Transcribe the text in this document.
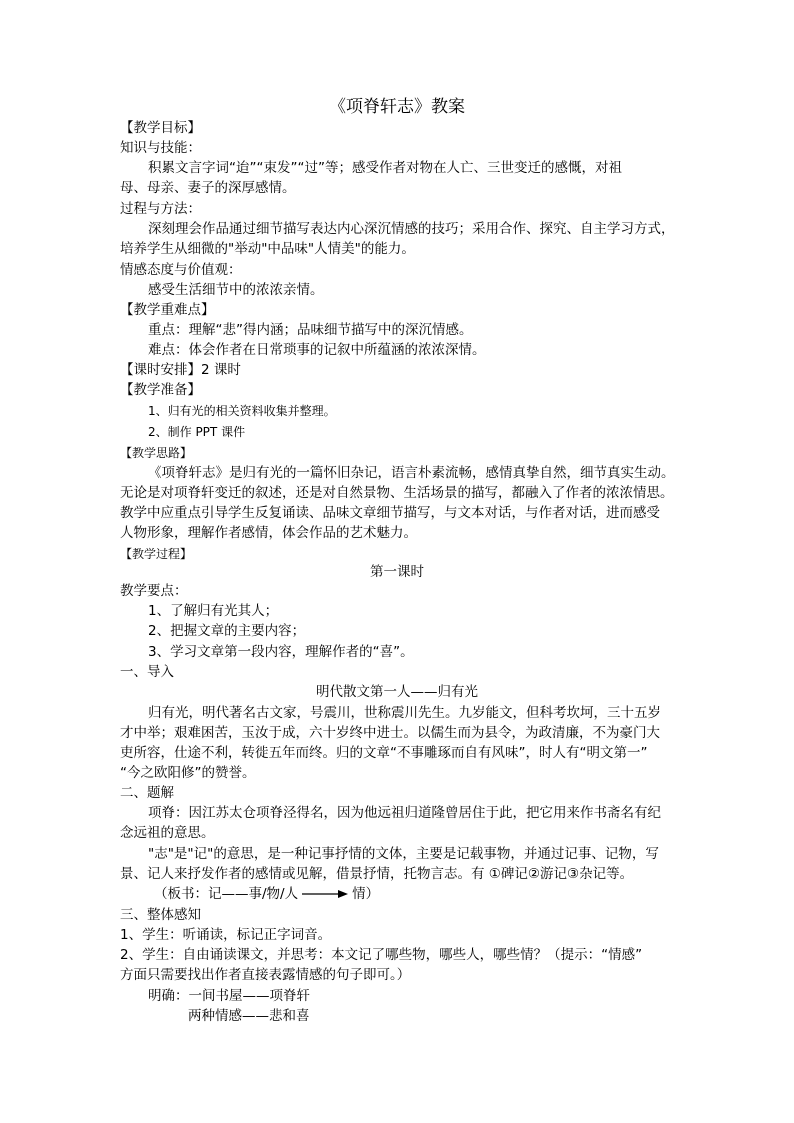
《项脊轩志》教案
【教学目标】
知识与技能：
积累文言字词“迨”“束发”“过”等；感受作者对物在人亡、三世变迁的感慨，对祖
母、母亲、妻子的深厚感情。
过程与方法：
深刻理会作品通过细节描写表达内心深沉情感的技巧；采用合作、探究、自主学习方式，
培养学生从细微的"举动"中品味"人情美"的能力。
情感态度与价值观：
感受生活细节中的浓浓亲情。
【教学重难点】
重点：理解“悲”得内涵；品味细节描写中的深沉情感。
难点：体会作者在日常琐事的记叙中所蕴涵的浓浓深情。
【课时安排】2 课时
【教学准备】
1、归有光的相关资料收集并整理。
2、制作 PPT 课件
【教学思路】
《项脊轩志》是归有光的一篇怀旧杂记，语言朴素流畅，感情真挚自然，细节真实生动。
无论是对项脊轩变迁的叙述，还是对自然景物、生活场景的描写，都融入了作者的浓浓情思。
教学中应重点引导学生反复诵读、品味文章细节描写，与文本对话，与作者对话，进而感受
人物形象，理解作者感情，体会作品的艺术魅力。
【教学过程】
第一课时
教学要点：
1、了解归有光其人；
2、把握文章的主要内容；
3、学习文章第一段内容，理解作者的“喜”。
一、导入
明代散文第一人——归有光
归有光，明代著名古文家，号震川，世称震川先生。九岁能文，但科考坎坷，三十五岁
才中举；艰难困苦，玉汝于成，六十岁终中进士。以儒生而为县令，为政清廉，不为豪门大
吏所容，仕途不利，转徙五年而终。归的文章“不事雕琢而自有风味”，时人有“明文第一”
“今之欧阳修”的赞誉。
二、题解
项脊：因江苏太仓项脊泾得名，因为他远祖归道隆曾居住于此，把它用来作书斋名有纪
念远祖的意思。
"志"是"记"的意思，是一种记事抒情的文体，主要是记载事物，并通过记事、记物，写
景、记人来抒发作者的感情或见解，借景抒情，托物言志。有 ①碑记②游记③杂记等。
（板书：记——事/物/人	情）
三、整体感知
1、学生：听诵读，标记正字词音。
2、学生：自由诵读课文，并思考：本文记了哪些物，哪些人，哪些情？（提示：“情感”
方面只需要找出作者直接表露情感的句子即可。）
明确：一间书屋——项脊轩
两种情感——悲和喜
